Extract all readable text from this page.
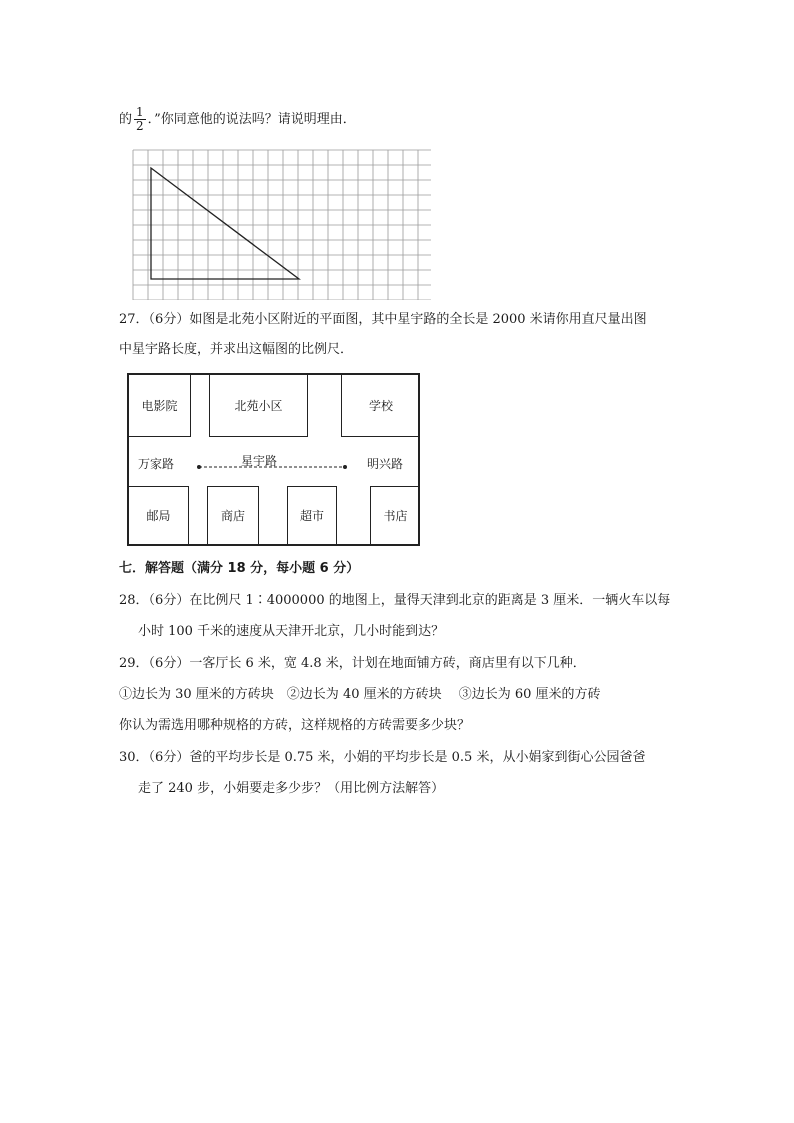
的 $\frac{1}{2}$ ．”你同意他的说法吗？请说明理由．
27．（6分）如图是北苑小区附近的平面图，其中星宇路的全长是 2000 米请你用直尺量出图
中星宇路长度，并求出这幅图的比例尺．
电影院	北苑小区	学校
万家路	星宇路	明兴路
邮局	商店	超市	书店
七．解答题（满分 18 分，每小题 6 分）
28．（6分）在比例尺 1∶4000000 的地图上，量得天津到北京的距离是 3 厘米．一辆火车以每
小时 100 千米的速度从天津开北京，几小时能到达？
29．（6分）一客厅长 6 米，宽 4.8 米，计划在地面铺方砖，商店里有以下几种．
①边长为 30 厘米的方砖块　②边长为 40 厘米的方砖块　 ③边长为 60 厘米的方砖
你认为需选用哪种规格的方砖，这样规格的方砖需要多少块？
30．（6分）爸的平均步长是 0.75 米，小娟的平均步长是 0.5 米，从小娟家到街心公园爸爸
走了 240 步，小娟要走多少步？（用比例方法解答）
